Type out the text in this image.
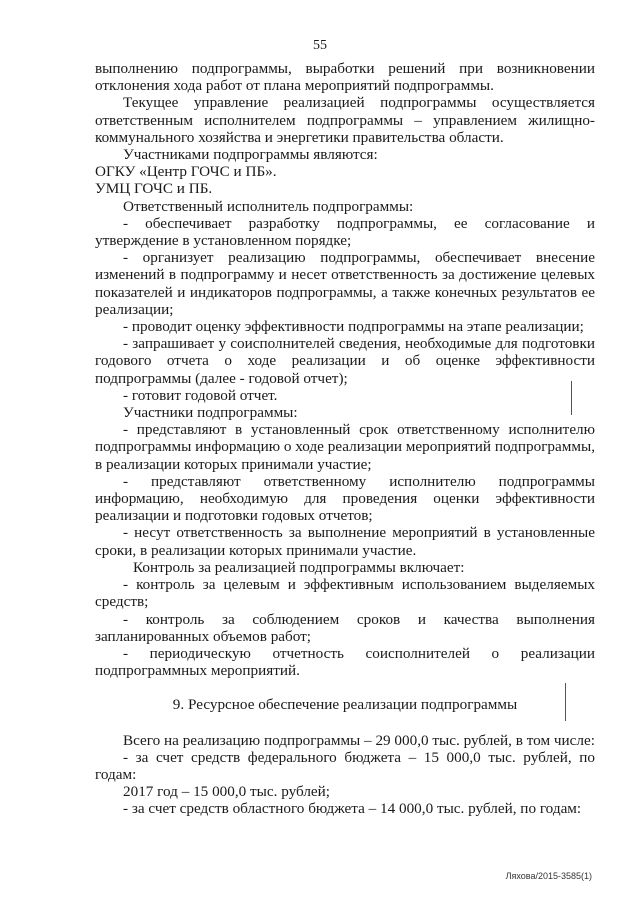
55

выполнению подпрограммы, выработки решений при возникновении отклонения хода работ от плана мероприятий подпрограммы.

Текущее управление реализацией подпрограммы осуществляется ответственным исполнителем подпрограммы – управлением жилищно-коммунального хозяйства и энергетики правительства области.

Участниками подпрограммы являются:

ОГКУ «Центр ГОЧС и ПБ».

УМЦ ГОЧС и ПБ.

Ответственный исполнитель подпрограммы:

- обеспечивает разработку подпрограммы, ее согласование и утверждение в установленном порядке;

- организует реализацию подпрограммы, обеспечивает внесение изменений в подпрограмму и несет ответственность за достижение целевых показателей и индикаторов подпрограммы, а также конечных результатов ее реализации;

- проводит оценку эффективности подпрограммы на этапе реализации;

- запрашивает у соисполнителей сведения, необходимые для подготовки годового отчета о ходе реализации и об оценке эффективности подпрограммы (далее - годовой отчет);

- готовит годовой отчет.

Участники подпрограммы:

- представляют в установленный срок ответственному исполнителю подпрограммы информацию о ходе реализации мероприятий подпрограммы, в реализации которых принимали участие;

- представляют ответственному исполнителю подпрограммы информацию, необходимую для проведения оценки эффективности реализации и подготовки годовых отчетов;

- несут ответственность за выполнение мероприятий в установленные сроки, в реализации которых принимали участие.

Контроль за реализацией подпрограммы включает:

- контроль за целевым и эффективным использованием выделяемых средств;

- контроль за соблюдением сроков и качества выполнения запланированных объемов работ;

- периодическую отчетность соисполнителей о реализации подпрограммных мероприятий.

9. Ресурсное обеспечение реализации подпрограммы

Всего на реализацию подпрограммы – 29 000,0 тыс. рублей, в том числе:

- за счет средств федерального бюджета – 15 000,0 тыс. рублей, по годам:

2017 год – 15 000,0 тыс. рублей;

- за счет средств областного бюджета – 14 000,0 тыс. рублей, по годам:

Ляхова/2015-3585(1)
